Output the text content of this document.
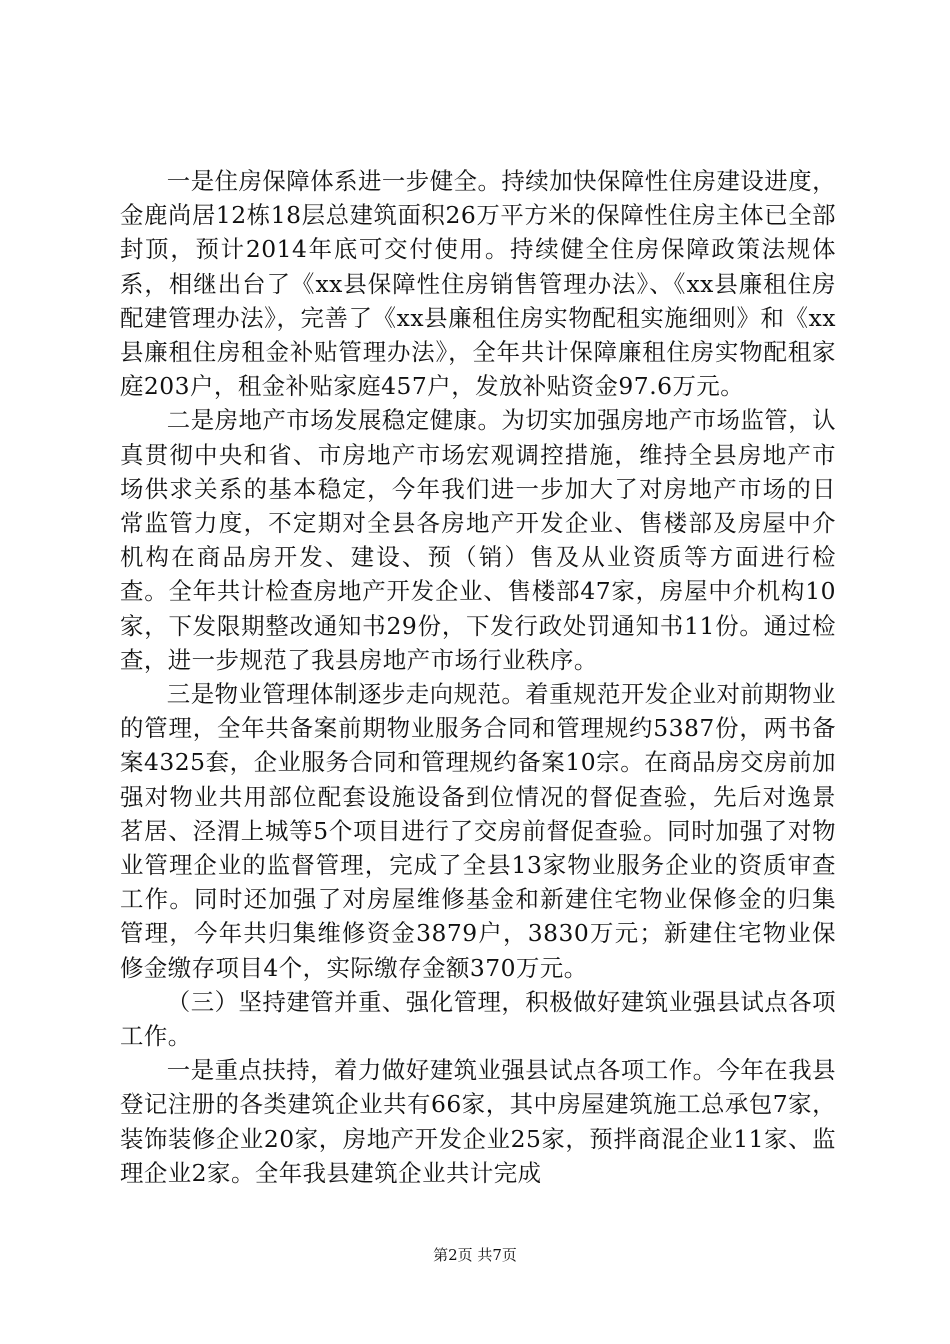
一是住房保障体系进一步健全。持续加快保障性住房建设进度，金鹿尚居12栋18层总建筑面积26万平方米的保障性住房主体已全部封顶，预计2014年底可交付使用。持续健全住房保障政策法规体系，相继出台了《xx县保障性住房销售管理办法》、《xx县廉租住房配建管理办法》，完善了《xx县廉租住房实物配租实施细则》和《xx县廉租住房租金补贴管理办法》，全年共计保障廉租住房实物配租家庭203户，租金补贴家庭457户，发放补贴资金97.6万元。

二是房地产市场发展稳定健康。为切实加强房地产市场监管，认真贯彻中央和省、市房地产市场宏观调控措施，维持全县房地产市场供求关系的基本稳定，今年我们进一步加大了对房地产市场的日常监管力度，不定期对全县各房地产开发企业、售楼部及房屋中介机构在商品房开发、建设、预（销）售及从业资质等方面进行检查。全年共计检查房地产开发企业、售楼部47家，房屋中介机构10家，下发限期整改通知书29份，下发行政处罚通知书11份。通过检查，进一步规范了我县房地产市场行业秩序。

三是物业管理体制逐步走向规范。着重规范开发企业对前期物业的管理，全年共备案前期物业服务合同和管理规约5387份，两书备案4325套，企业服务合同和管理规约备案10宗。在商品房交房前加强对物业共用部位配套设施设备到位情况的督促查验，先后对逸景茗居、泾渭上城等5个项目进行了交房前督促查验。同时加强了对物业管理企业的监督管理，完成了全县13家物业服务企业的资质审查工作。同时还加强了对房屋维修基金和新建住宅物业保修金的归集管理，今年共归集维修资金3879户，3830万元；新建住宅物业保修金缴存项目4个，实际缴存金额370万元。

（三）坚持建管并重、强化管理，积极做好建筑业强县试点各项工作。

一是重点扶持，着力做好建筑业强县试点各项工作。今年在我县登记注册的各类建筑企业共有66家，其中房屋建筑施工总承包7家，装饰装修企业20家，房地产开发企业25家，预拌商混企业11家、监理企业2家。全年我县建筑企业共计完成

第2页 共7页
